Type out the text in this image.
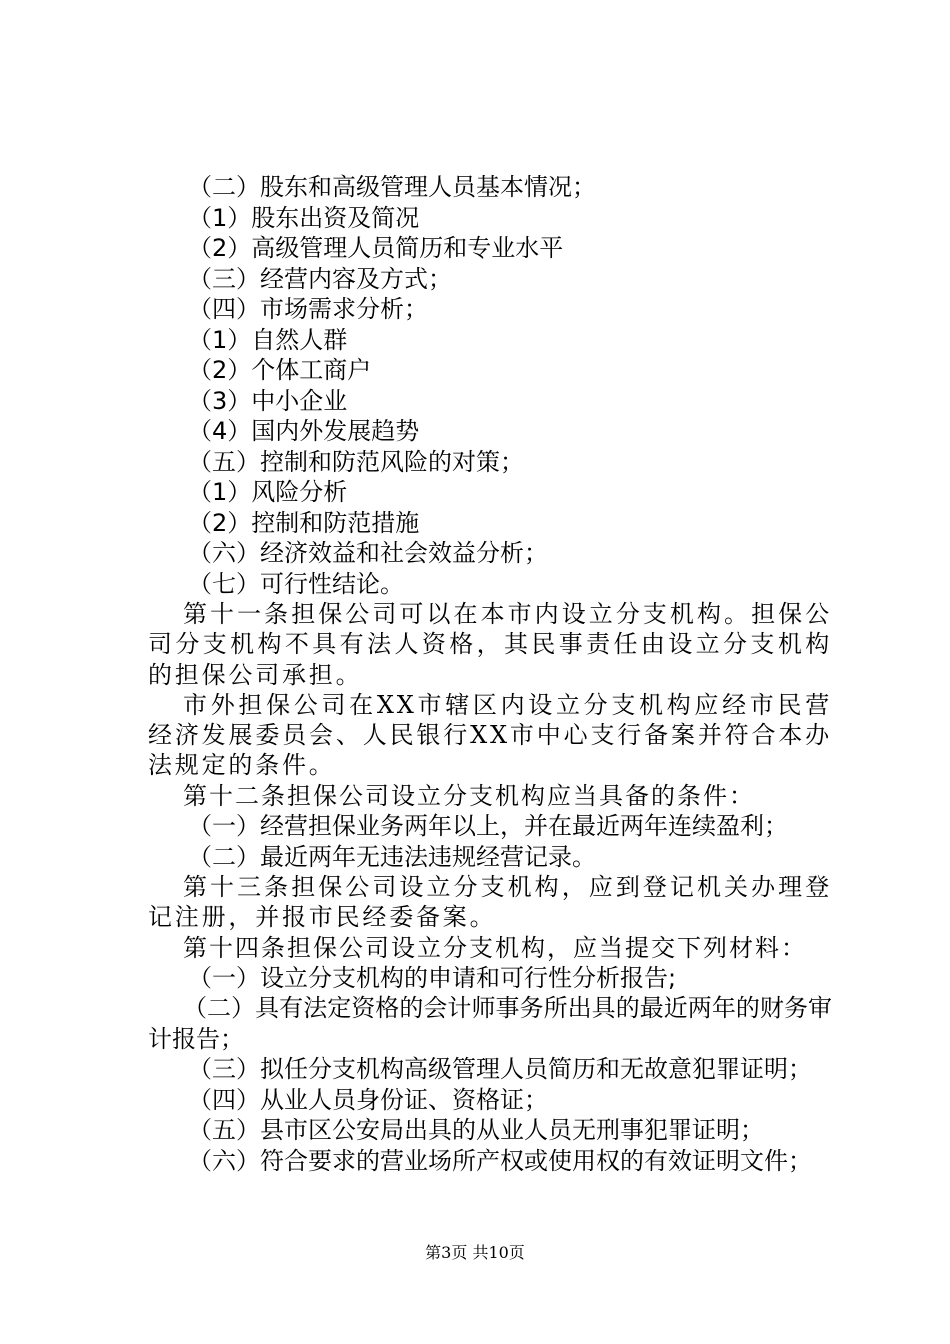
（二）股东和高级管理人员基本情况；
（1）股东出资及简况
（2）高级管理人员简历和专业水平
（三）经营内容及方式；
（四）市场需求分析；
（1）自然人群
（2）个体工商户
（3）中小企业
（4）国内外发展趋势
（五）控制和防范风险的对策；
（1）风险分析
（2）控制和防范措施
（六）经济效益和社会效益分析；
（七）可行性结论。

第十一条担保公司可以在本市内设立分支机构。担保公司分支机构不具有法人资格，其民事责任由设立分支机构的担保公司承担。

市外担保公司在XX市辖区内设立分支机构应经市民营经济发展委员会、人民银行XX市中心支行备案并符合本办法规定的条件。

第十二条担保公司设立分支机构应当具备的条件：

（一）经营担保业务两年以上，并在最近两年连续盈利；

（二）最近两年无违法违规经营记录。

第十三条担保公司设立分支机构，应到登记机关办理登记注册，并报市民经委备案。

第十四条担保公司设立分支机构，应当提交下列材料：

（一）设立分支机构的申请和可行性分析报告;

（二）具有法定资格的会计师事务所出具的最近两年的财务审计报告；

（三）拟任分支机构高级管理人员简历和无故意犯罪证明；

（四）从业人员身份证、资格证；

（五）县市区公安局出具的从业人员无刑事犯罪证明；

（六）符合要求的营业场所产权或使用权的有效证明文件；

第3页 共10页
